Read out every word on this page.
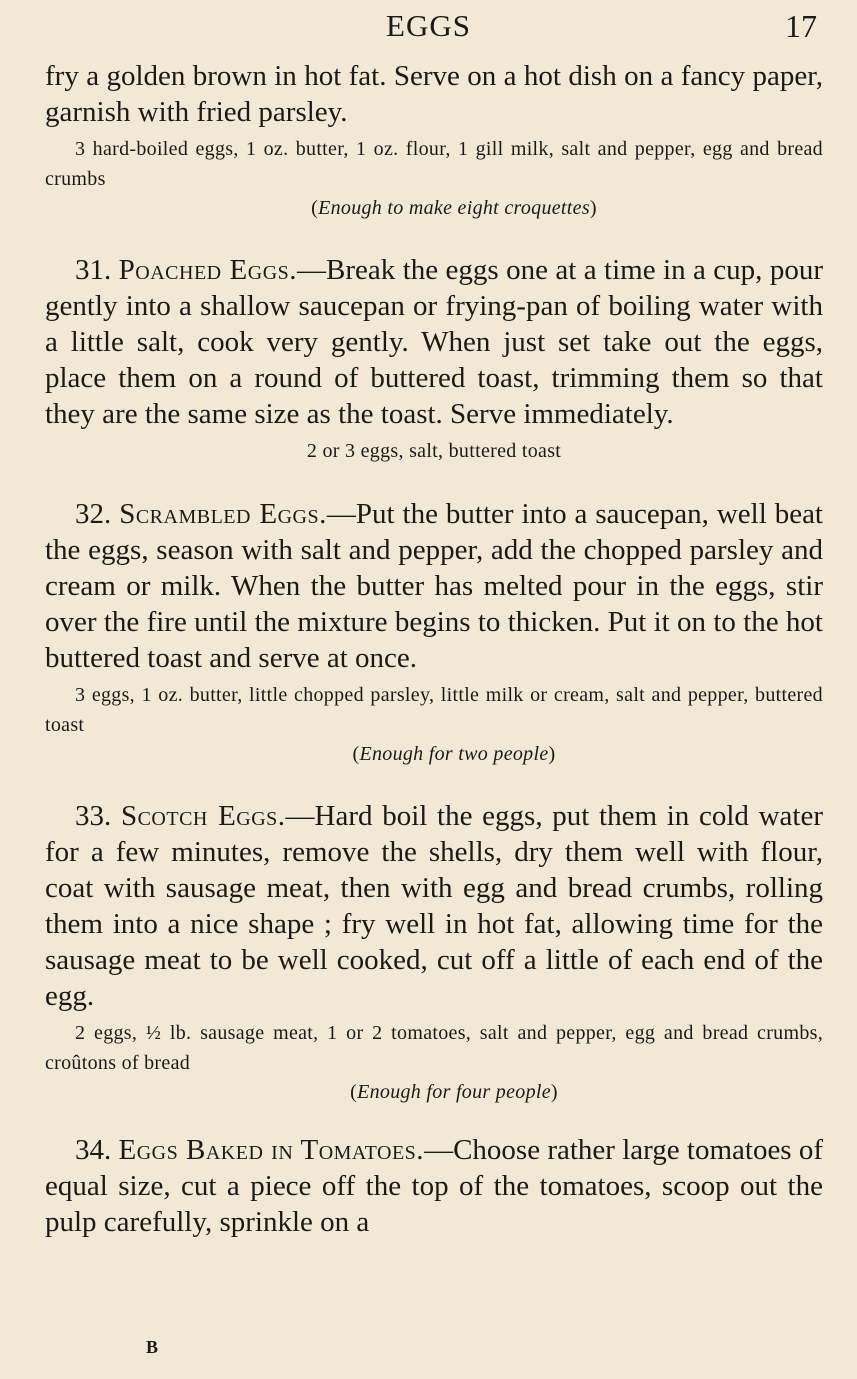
EGGS	17

fry a golden brown in hot fat. Serve on a hot dish on a fancy paper, garnish with fried parsley.

3 hard-boiled eggs, 1 oz. butter, 1 oz. flour, 1 gill milk, salt and pepper, egg and bread crumbs

(Enough to make eight croquettes)

31. Poached Eggs.—Break the eggs one at a time in a cup, pour gently into a shallow saucepan or frying-pan of boiling water with a little salt, cook very gently. When just set take out the eggs, place them on a round of buttered toast, trimming them so that they are the same size as the toast. Serve immediately.

2 or 3 eggs, salt, buttered toast

32. Scrambled Eggs.—Put the butter into a saucepan, well beat the eggs, season with salt and pepper, add the chopped parsley and cream or milk. When the butter has melted pour in the eggs, stir over the fire until the mixture begins to thicken. Put it on to the hot buttered toast and serve at once.

3 eggs, 1 oz. butter, little chopped parsley, little milk or cream, salt and pepper, buttered toast

(Enough for two people)

33. Scotch Eggs.—Hard boil the eggs, put them in cold water for a few minutes, remove the shells, dry them well with flour, coat with sausage meat, then with egg and bread crumbs, rolling them into a nice shape ; fry well in hot fat, allowing time for the sausage meat to be well cooked, cut off a little of each end of the egg.

2 eggs, ½ lb. sausage meat, 1 or 2 tomatoes, salt and pepper, egg and bread crumbs, croûtons of bread

(Enough for four people)

34. Eggs Baked in Tomatoes.—Choose rather large tomatoes of equal size, cut a piece off the top of the tomatoes, scoop out the pulp carefully, sprinkle on a

B
